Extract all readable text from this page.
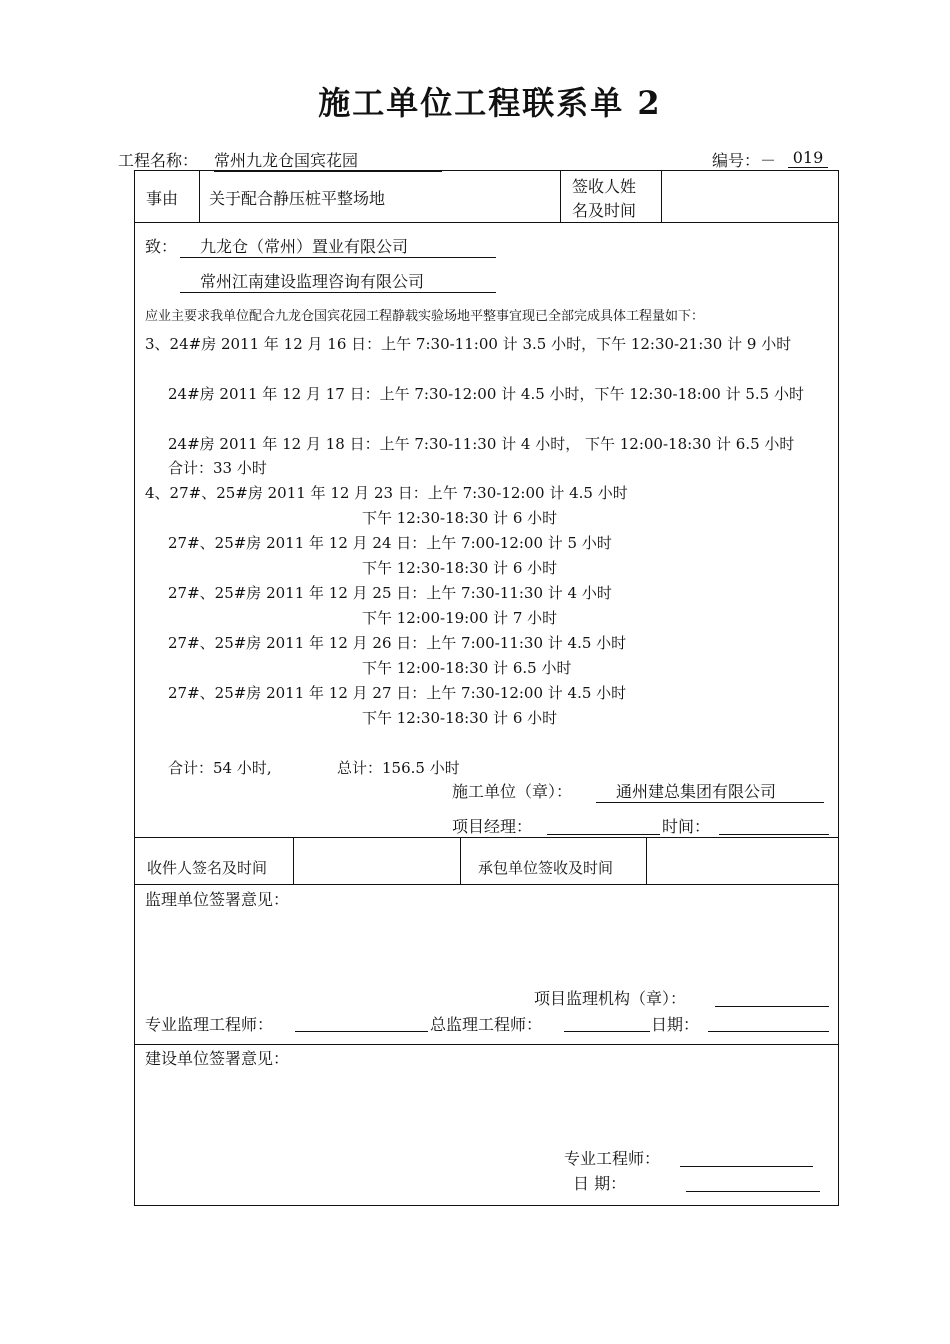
施工单位工程联系单 2
工程名称： 常州九龙仓国宾花园	编号：－ 019
事由 关于配合静压桩平整场地
签收人姓
名及时间
致：	九龙仓（常州）置业有限公司
常州江南建设监理咨询有限公司
应业主要求我单位配合九龙仓国宾花园工程静载实验场地平整事宜现已全部完成具体工程量如下：
3、24#房 2011 年 12 月 16 日：上午 7:30-11:00 计 3.5 小时，下午 12:30-21:30 计 9 小时
24#房 2011 年 12 月 17 日：上午 7:30-12:00 计 4.5 小时，下午 12:30-18:00 计 5.5 小时
24#房 2011 年 12 月 18 日：上午 7:30-11:30 计 4 小时， 下午 12:00-18:30 计 6.5 小时
合计：33 小时
4、27#、25#房 2011 年 12 月 23 日：上午 7:30-12:00 计 4.5 小时
下午 12:30-18:30 计 6 小时
27#、25#房 2011 年 12 月 24 日：上午 7:00-12:00 计 5 小时
下午 12:30-18:30 计 6 小时
27#、25#房 2011 年 12 月 25 日：上午 7:30-11:30 计 4 小时
下午 12:00-19:00 计 7 小时
27#、25#房 2011 年 12 月 26 日：上午 7:00-11:30 计 4.5 小时
下午 12:00-18:30 计 6.5 小时
27#、25#房 2011 年 12 月 27 日：上午 7:30-12:00 计 4.5 小时
下午 12:30-18:30 计 6 小时
合计：54 小时,	总计：156.5 小时
施工单位（章）：	通州建总集团有限公司
项目经理：	时间：
收件人签名及时间	承包单位签收及时间
监理单位签署意见：
项目监理机构（章）：
专业监理工程师：	总监理工程师：	日期：
建设单位签署意见：
专业工程师：
日 期：
